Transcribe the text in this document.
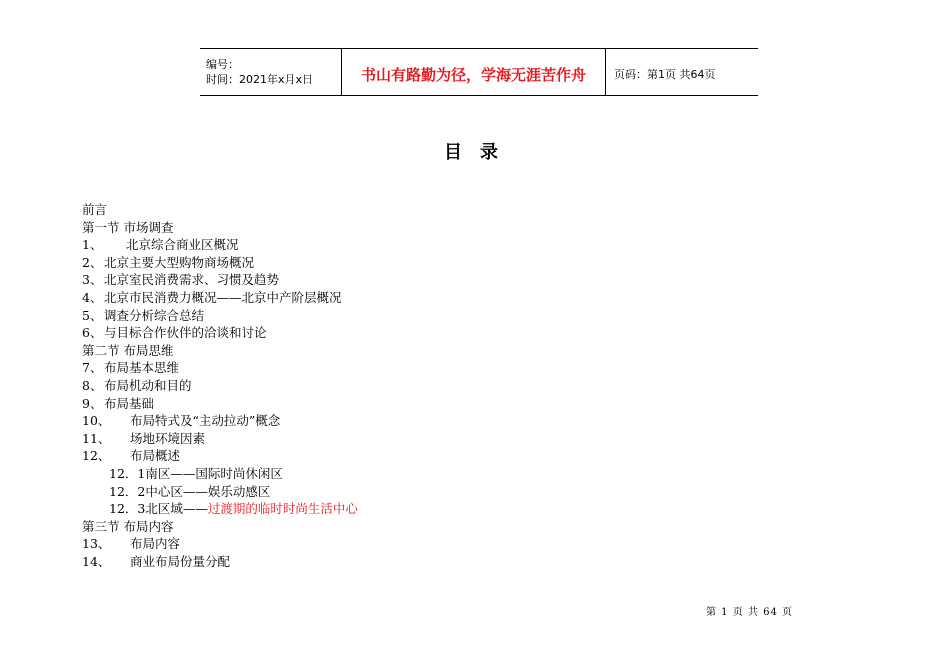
编号：
时间：2021年x月x日	书山有路勤为径，学海无涯苦作舟	页码：第1页 共64页
目录
前言
第一节 市场调查
1、 北京综合商业区概况
2、 北京主要大型购物商场概况
3、 北京室民消费需求、习惯及趋势
4、 北京市民消费力概况——北京中产阶层概况
5、 调查分析综合总结
6、 与目标合作伙伴的洽谈和讨论
第二节 布局思维
7、 布局基本思维
8、 布局机动和目的
9、 布局基础
10、 布局特式及“主动拉动”概念
11、 场地环境因素
12、 布局概述
12．1南区——国际时尚休闲区
12．2中心区——娱乐动感区
12．3北区域——过渡期的临时时尚生活中心
第三节 布局内容
13、 布局内容
14、 商业布局份量分配
第 1 页 共 64 页
